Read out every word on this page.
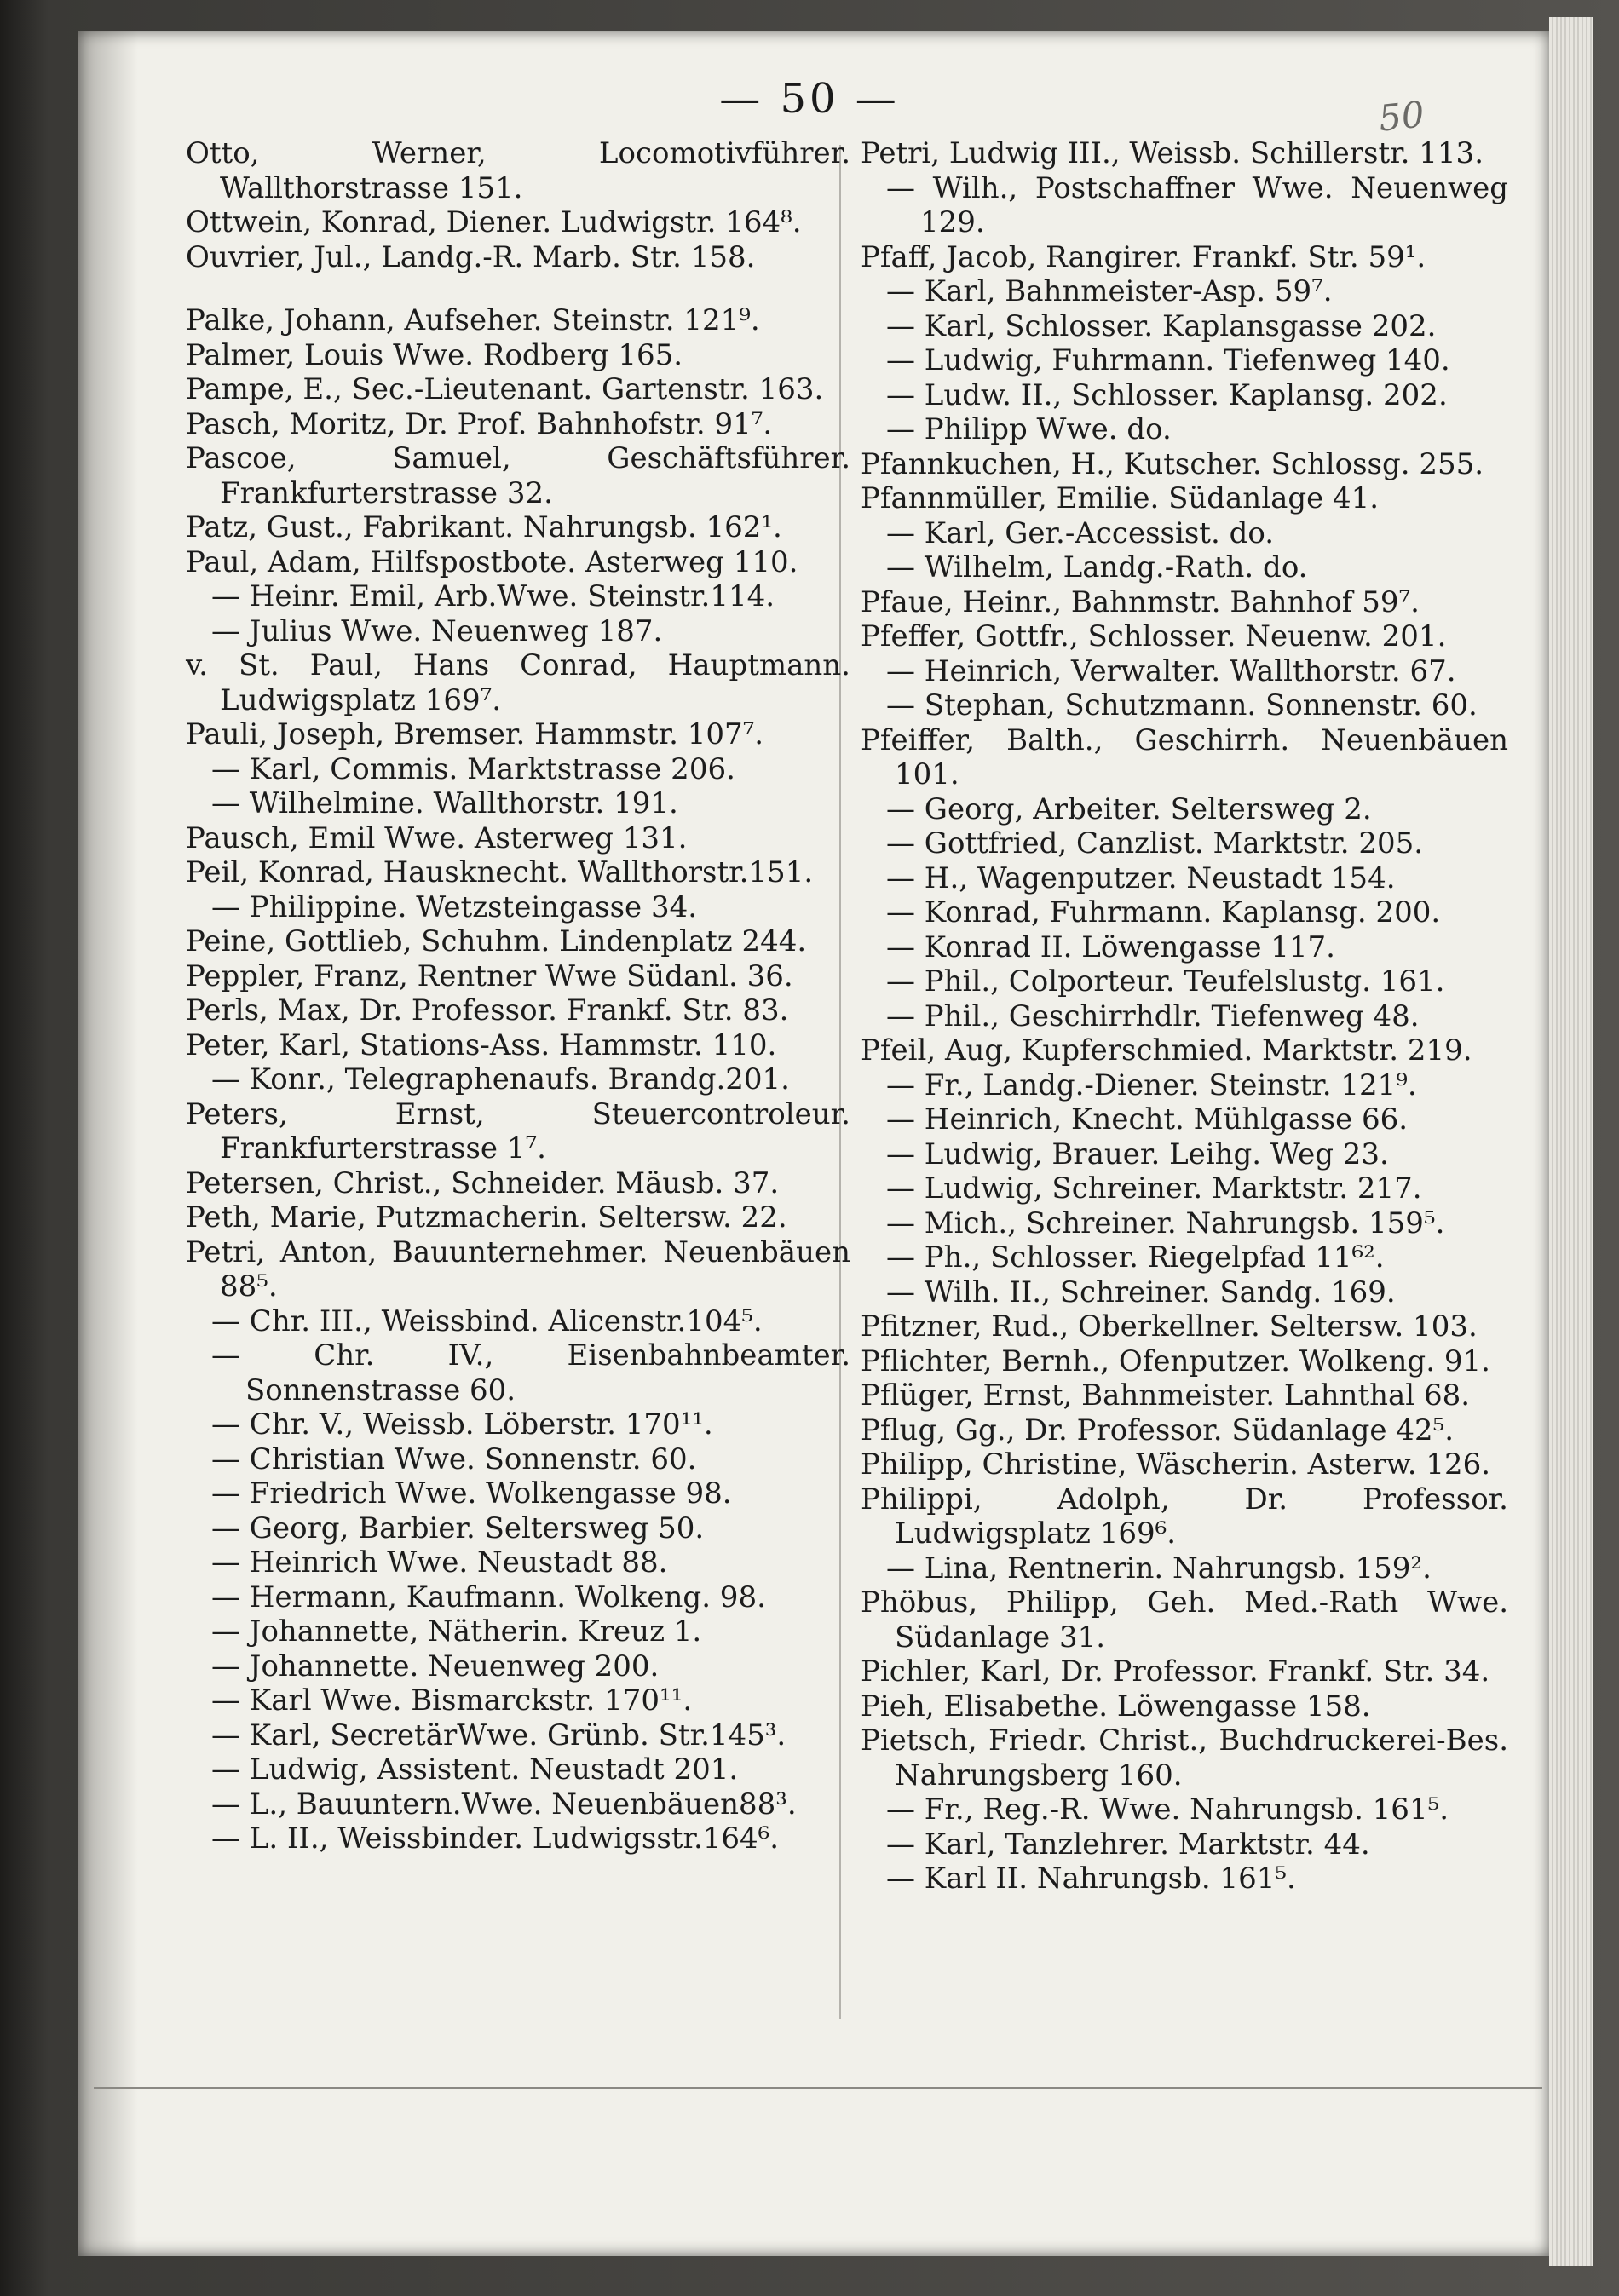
— 50 —	50

Otto, Werner, Locomotivführer. Wallthorstrasse 151.

Ottwein, Konrad, Diener. Ludwigstr. 164⁸.

Ouvrier, Jul., Landg.-R. Marb. Str. 158.

Palke, Johann, Aufseher. Steinstr. 121⁹.

Palmer, Louis Wwe. Rodberg 165.

Pampe, E., Sec.-Lieutenant. Gartenstr. 163.

Pasch, Moritz, Dr. Prof. Bahnhofstr. 91⁷.

Pascoe, Samuel, Geschäftsführer. Frankfurterstrasse 32.

Patz, Gust., Fabrikant. Nahrungsb. 162¹.

Paul, Adam, Hilfspostbote. Asterweg 110.

— Heinr. Emil, Arb.Wwe. Steinstr.114.

— Julius Wwe. Neuenweg 187.

v. St. Paul, Hans Conrad, Hauptmann. Ludwigsplatz 169⁷.

Pauli, Joseph, Bremser. Hammstr. 107⁷.

— Karl, Commis. Marktstrasse 206.

— Wilhelmine. Wallthorstr. 191.

Pausch, Emil Wwe. Asterweg 131.

Peil, Konrad, Hausknecht. Wallthorstr.151.

— Philippine. Wetzsteingasse 34.

Peine, Gottlieb, Schuhm. Lindenplatz 244.

Peppler, Franz, Rentner Wwe Südanl. 36.

Perls, Max, Dr. Professor. Frankf. Str. 83.

Peter, Karl, Stations-Ass. Hammstr. 110.

— Konr., Telegraphenaufs. Brandg.201.

Peters, Ernst, Steuercontroleur. Frankfurterstrasse 1⁷.

Petersen, Christ., Schneider. Mäusb. 37.

Peth, Marie, Putzmacherin. Seltersw. 22.

Petri, Anton, Bauunternehmer. Neuenbäuen 88⁵.

— Chr. III., Weissbind. Alicenstr.104⁵.

— Chr. IV., Eisenbahnbeamter. Sonnenstrasse 60.

— Chr. V., Weissb. Löberstr. 170¹¹.

— Christian Wwe. Sonnenstr. 60.

— Friedrich Wwe. Wolkengasse 98.

— Georg, Barbier. Seltersweg 50.

— Heinrich Wwe. Neustadt 88.

— Hermann, Kaufmann. Wolkeng. 98.

— Johannette, Nätherin. Kreuz 1.

— Johannette. Neuenweg 200.

— Karl Wwe. Bismarckstr. 170¹¹.

— Karl, SecretärWwe. Grünb. Str.145³.

— Ludwig, Assistent. Neustadt 201.

— L., Bauuntern.Wwe. Neuenbäuen88³.

— L. II., Weissbinder. Ludwigsstr.164⁶.

Petri, Ludwig III., Weissb. Schillerstr. 113.

— Wilh., Postschaffner Wwe. Neuenweg 129.

Pfaff, Jacob, Rangirer. Frankf. Str. 59¹.

— Karl, Bahnmeister-Asp. 59⁷.

— Karl, Schlosser. Kaplansgasse 202.

— Ludwig, Fuhrmann. Tiefenweg 140.

— Ludw. II., Schlosser. Kaplansg. 202.

— Philipp Wwe. do.

Pfannkuchen, H., Kutscher. Schlossg. 255.

Pfannmüller, Emilie. Südanlage 41.

— Karl, Ger.-Accessist. do.

— Wilhelm, Landg.-Rath. do.

Pfaue, Heinr., Bahnmstr. Bahnhof 59⁷.

Pfeffer, Gottfr., Schlosser. Neuenw. 201.

— Heinrich, Verwalter. Wallthorstr. 67.

— Stephan, Schutzmann. Sonnenstr. 60.

Pfeiffer, Balth., Geschirrh. Neuenbäuen 101.

— Georg, Arbeiter. Seltersweg 2.

— Gottfried, Canzlist. Marktstr. 205.

— H., Wagenputzer. Neustadt 154.

— Konrad, Fuhrmann. Kaplansg. 200.

— Konrad II. Löwengasse 117.

— Phil., Colporteur. Teufelslustg. 161.

— Phil., Geschirrhdlr. Tiefenweg 48.

Pfeil, Aug, Kupferschmied. Marktstr. 219.

— Fr., Landg.-Diener. Steinstr. 121⁹.

— Heinrich, Knecht. Mühlgasse 66.

— Ludwig, Brauer. Leihg. Weg 23.

— Ludwig, Schreiner. Marktstr. 217.

— Mich., Schreiner. Nahrungsb. 159⁵.

— Ph., Schlosser. Riegelpfad 11⁶².

— Wilh. II., Schreiner. Sandg. 169.

Pfitzner, Rud., Oberkellner. Seltersw. 103.

Pflichter, Bernh., Ofenputzer. Wolkeng. 91.

Pflüger, Ernst, Bahnmeister. Lahnthal 68.

Pflug, Gg., Dr. Professor. Südanlage 42⁵.

Philipp, Christine, Wäscherin. Asterw. 126.

Philippi, Adolph, Dr. Professor. Ludwigsplatz 169⁶.

— Lina, Rentnerin. Nahrungsb. 159².

Phöbus, Philipp, Geh. Med.-Rath Wwe. Südanlage 31.

Pichler, Karl, Dr. Professor. Frankf. Str. 34.

Pieh, Elisabethe. Löwengasse 158.

Pietsch, Friedr. Christ., Buchdruckerei-Bes. Nahrungsberg 160.

— Fr., Reg.-R. Wwe. Nahrungsb. 161⁵.

— Karl, Tanzlehrer. Marktstr. 44.

— Karl II. Nahrungsb. 161⁵.
